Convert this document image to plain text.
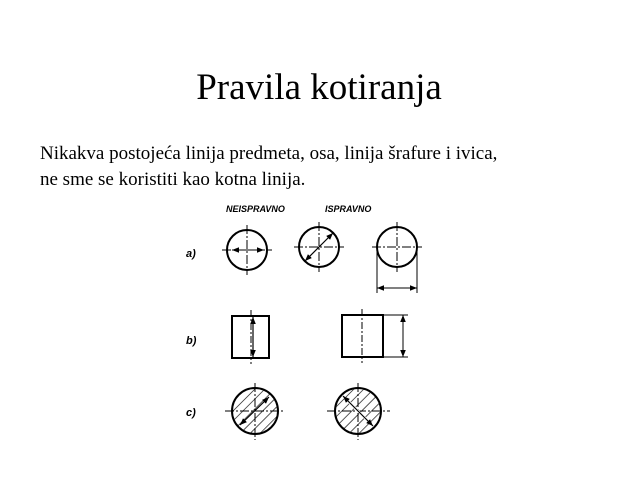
Pravila kotiranja
Nikakva postojeća linija predmeta, osa, linija šrafure i ivica,
ne sme se koristiti kao kotna linija.
NEISPRAVNO	ISPRAVNO
a)
b)
c)
